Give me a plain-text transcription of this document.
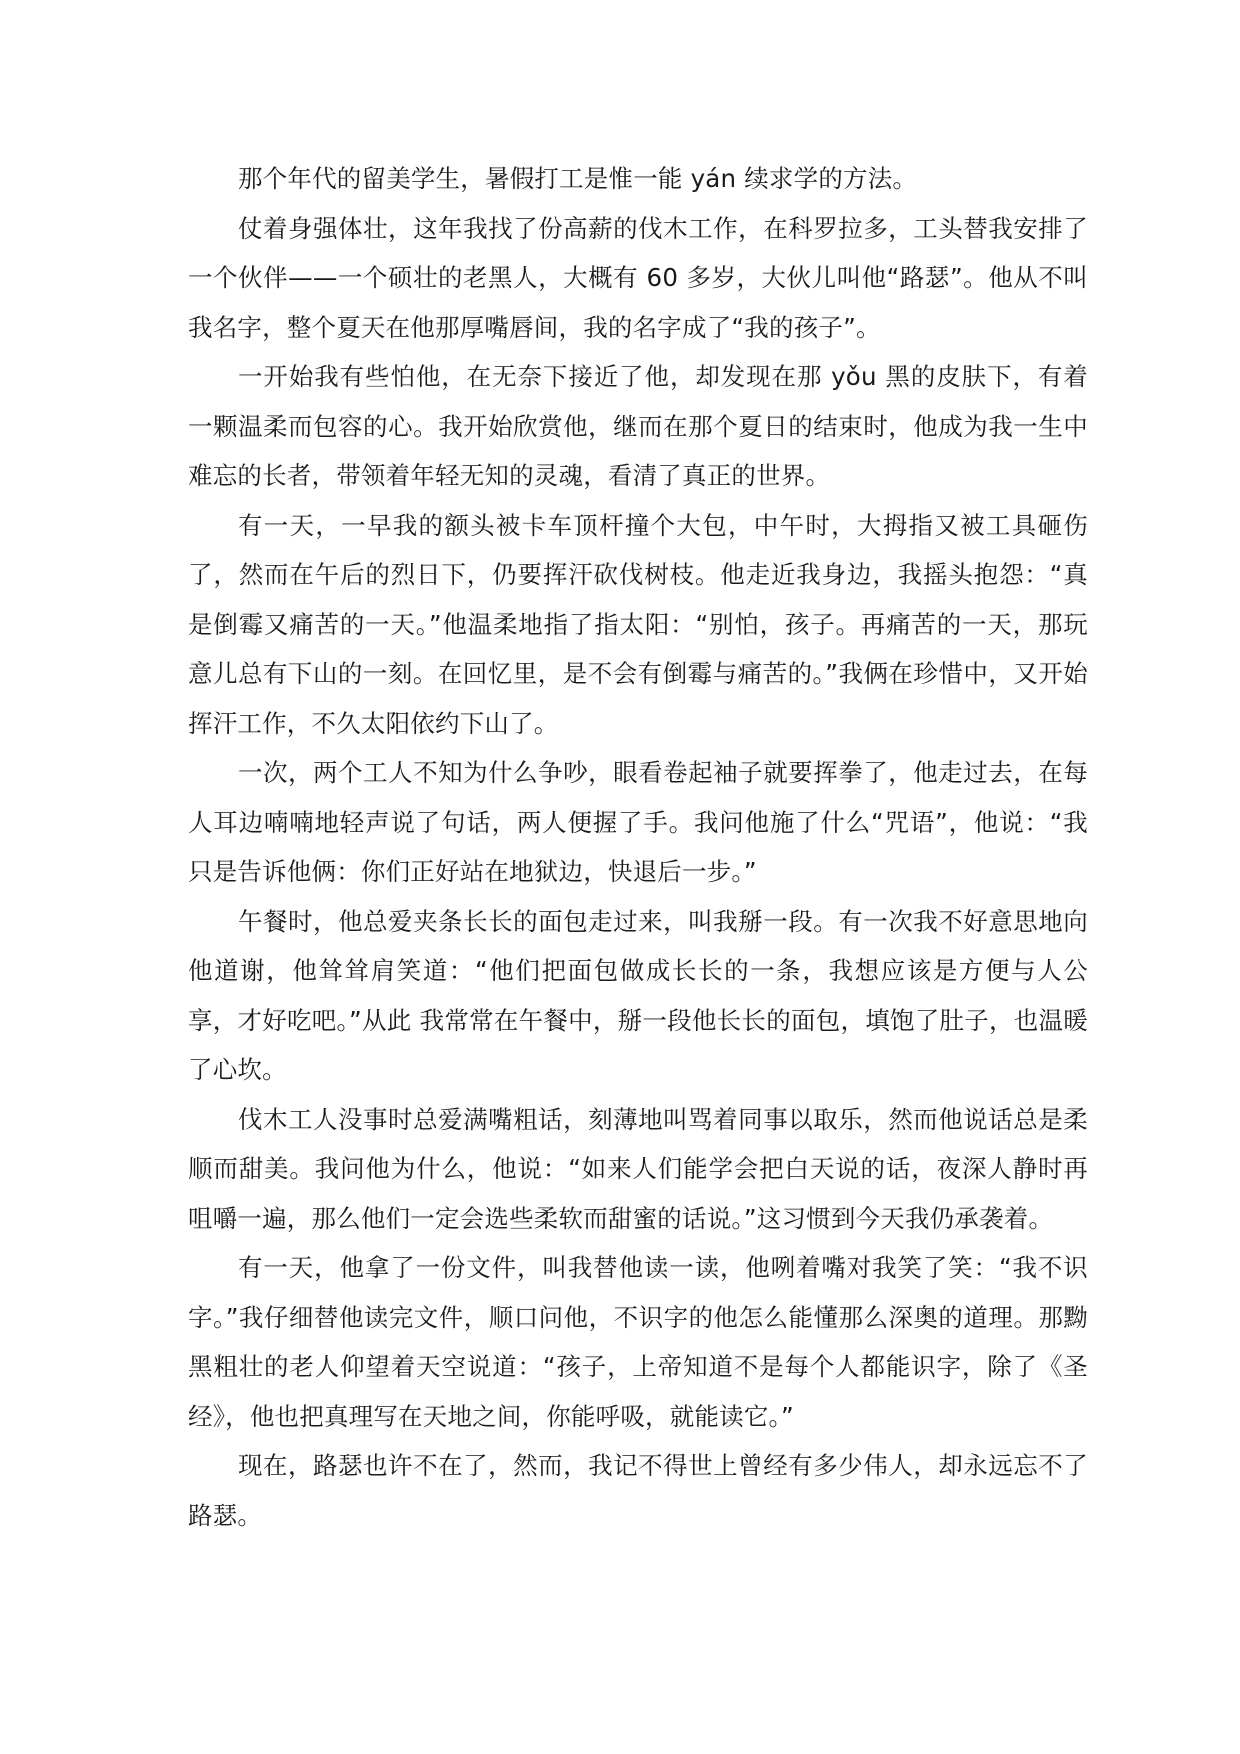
那个年代的留美学生，暑假打工是惟一能 yán 续求学的方法。

仗着身强体壮，这年我找了份高薪的伐木工作，在科罗拉多，工头替我安排了一个伙伴——一个硕壮的老黑人，大概有 60 多岁，大伙儿叫他“路瑟”。他从不叫我名字，整个夏天在他那厚嘴唇间，我的名字成了“我的孩子”。

一开始我有些怕他，在无奈下接近了他，却发现在那 yǒu 黑的皮肤下，有着一颗温柔而包容的心。我开始欣赏他，继而在那个夏日的结束时，他成为我一生中难忘的长者，带领着年轻无知的灵魂，看清了真正的世界。

有一天，一早我的额头被卡车顶杆撞个大包，中午时，大拇指又被工具砸伤了，然而在午后的烈日下，仍要挥汗砍伐树枝。他走近我身边，我摇头抱怨：“真是倒霉又痛苦的一天。”他温柔地指了指太阳：“别怕，孩子。再痛苦的一天，那玩意儿总有下山的一刻。在回忆里，是不会有倒霉与痛苦的。”我俩在珍惜中，又开始挥汗工作，不久太阳依约下山了。

一次，两个工人不知为什么争吵，眼看卷起袖子就要挥拳了，他走过去，在每人耳边喃喃地轻声说了句话，两人便握了手。我问他施了什么“咒语”，他说：“我只是告诉他俩：你们正好站在地狱边，快退后一步。”

午餐时，他总爱夹条长长的面包走过来，叫我掰一段。有一次我不好意思地向他道谢，他耸耸肩笑道：“他们把面包做成长长的一条，我想应该是方便与人公享，才好吃吧。”从此 我常常在午餐中，掰一段他长长的面包，填饱了肚子，也温暖了心坎。

伐木工人没事时总爱满嘴粗话，刻薄地叫骂着同事以取乐，然而他说话总是柔顺而甜美。我问他为什么，他说：“如来人们能学会把白天说的话，夜深人静时再咀嚼一遍，那么他们一定会选些柔软而甜蜜的话说。”这习惯到今天我仍承袭着。

有一天，他拿了一份文件，叫我替他读一读，他咧着嘴对我笑了笑：“我不识字。”我仔细替他读完文件，顺口问他，不识字的他怎么能懂那么深奥的道理。那黝黑粗壮的老人仰望着天空说道：“孩子，上帝知道不是每个人都能识字，除了《圣经》，他也把真理写在天地之间，你能呼吸，就能读它。”

现在，路瑟也许不在了，然而，我记不得世上曾经有多少伟人，却永远忘不了路瑟。
